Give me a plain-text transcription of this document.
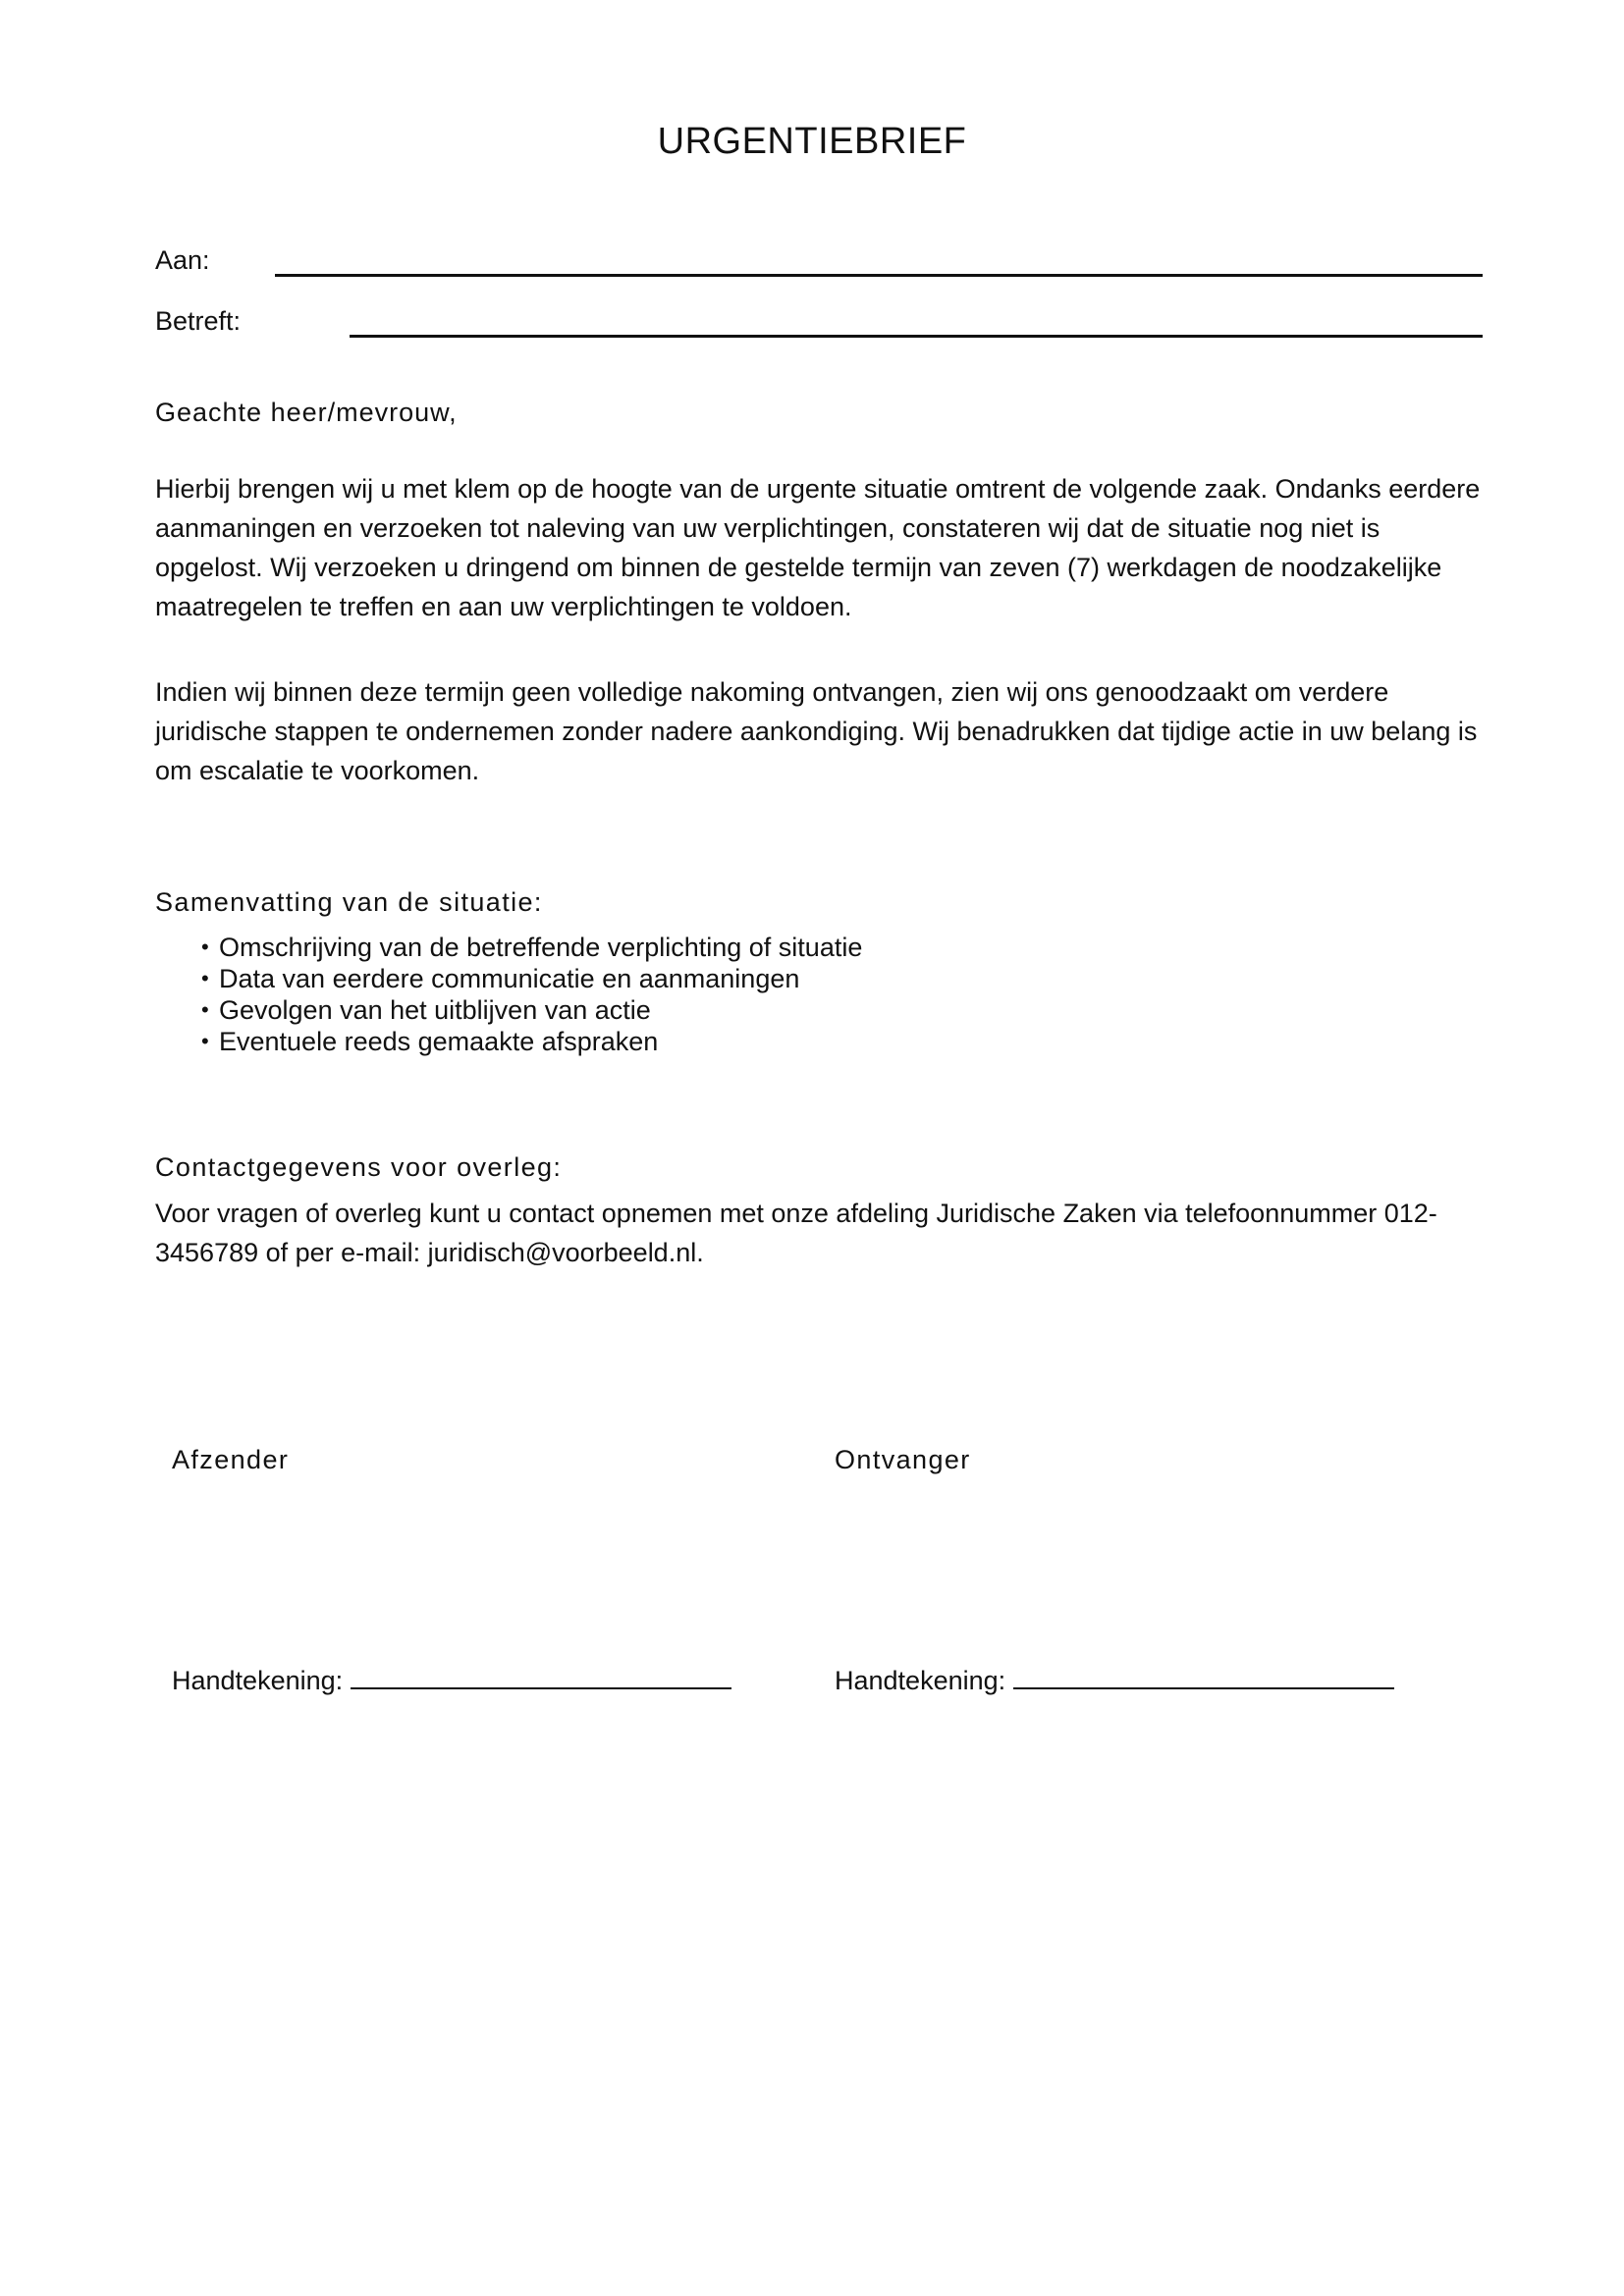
URGENTIEBRIEF
Aan:
Betreft:
Geachte heer/mevrouw,

Hierbij brengen wij u met klem op de hoogte van de urgente situatie omtrent de volgende zaak. Ondanks eerdere aanmaningen en verzoeken tot naleving van uw verplichtingen, constateren wij dat de situatie nog niet is opgelost. Wij verzoeken u dringend om binnen de gestelde termijn van zeven (7) werkdagen de noodzakelijke maatregelen te treffen en aan uw verplichtingen te voldoen.

Indien wij binnen deze termijn geen volledige nakoming ontvangen, zien wij ons genoodzaakt om verdere juridische stappen te ondernemen zonder nadere aankondiging. Wij benadrukken dat tijdige actie in uw belang is om escalatie te voorkomen.

Samenvatting van de situatie:
• Omschrijving van de betreffende verplichting of situatie
• Data van eerdere communicatie en aanmaningen
• Gevolgen van het uitblijven van actie
• Eventuele reeds gemaakte afspraken
Contactgegevens voor overleg:

Voor vragen of overleg kunt u contact opnemen met onze afdeling Juridische Zaken via telefoonnummer 012-3456789 of per e-mail: juridisch@voorbeeld.nl.

Afzender	Ontvanger
Handtekening:	Handtekening:
